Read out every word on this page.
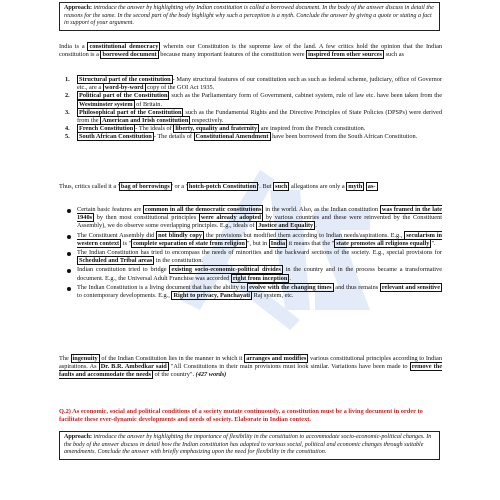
Approach: introduce the answer by highlighting why Indian constitution is called a borrowed document. In the body of the answer discuss in detail the reasons for the same. In the second part of the body highlight why such a perception is a myth. Conclude the answer by giving a quote or stating a fact in support of your argument.

India is a constitutional democracy wherein our Constitution is the supreme law of the land. A few critics hold the opinion that the Indian constitution is a borrowed document because many important features of the constitution were inspired from other sources such as

1. Structural part of the constitution - Many structural features of our constitution such as such as federal scheme, judiciary, office of Governor etc., are a word-by-word copy of the GOI Act 1935.
2. Political part of the Constitution such as the Parliamentary form of Government, cabinet system, rule of law etc. have been taken from the Westminster system of Britain.
3. Philosophical part of the Constitution such as the Fundamental Rights and the Directive Principles of State Policies (DPSPs) were derived from the American and Irish constitution respectively.
4. French Constitution - The ideals of liberty, equality and fraternity are inspired from the French constitution.
5. South African Constitution - The details of Constitutional Amendment have been borrowed from the South African Constitution.

Thus, critics called it a ' bag of borrowings ' or a ' hotch-potch Constitution '. But such allegations are only a myth as-

Certain basic features are common in all the democratic constitutions in the world. Also, as the Indian constitution was framed in the late 1940s by then most constitutional principles were already adopted by various countries and these were reinvented by the Constituent Assembly), we do observe some overlapping principles. E.g., ideals of Justice and Equality .
The Constituent Assembly did not blindly copy the provisions but modified them according to Indian needs/aspirations. E.g., secularism in western context is " complete separation of state from religion ", but in India it means that the " state promotes all religions equally ".
The Indian Constitution has tried to encompass the needs of minorities and the backward sections of the society. E.g., special provisions for Scheduled and Tribal areas in the constitution.
Indian constitution tried to bridge existing socio-economic-political divides in the country and in the process became a transformative document. E.g., the Universal Adult Franchise was accorded right from inception .
The Indian Constitution is a living document that has the ability to evolve with the changing times and thus remains relevant and sensitive to contemporary developments. E.g., Right to privacy, Panchayati Raj system, etc.

The ingenuity of the Indian Constitution lies in the manner in which it arranges and modifies various constitutional principles according to Indian aspirations. As Dr. B.R. Ambedkar said "All Constitutions in their main provisions must look similar. Variations have been made to remove the faults and accommodate the needs of the country". (427 words)

Q.2) As economic, social and political conditions of a society mutate continuously, a constitution must be a living document in order to facilitate these ever-dynamic developments and needs of society. Elaborate in Indian context.

Approach: introduce the answer by highlighting the importance of flexibility in the constitution to accommodate socio-economic-political changes. In the body of the answer discuss in detail how the Indian constitution has adapted to various social, political and economic changes through suitable amendments. Conclude the answer with briefly emphasizing upon the need for flexibility in the constitution.
